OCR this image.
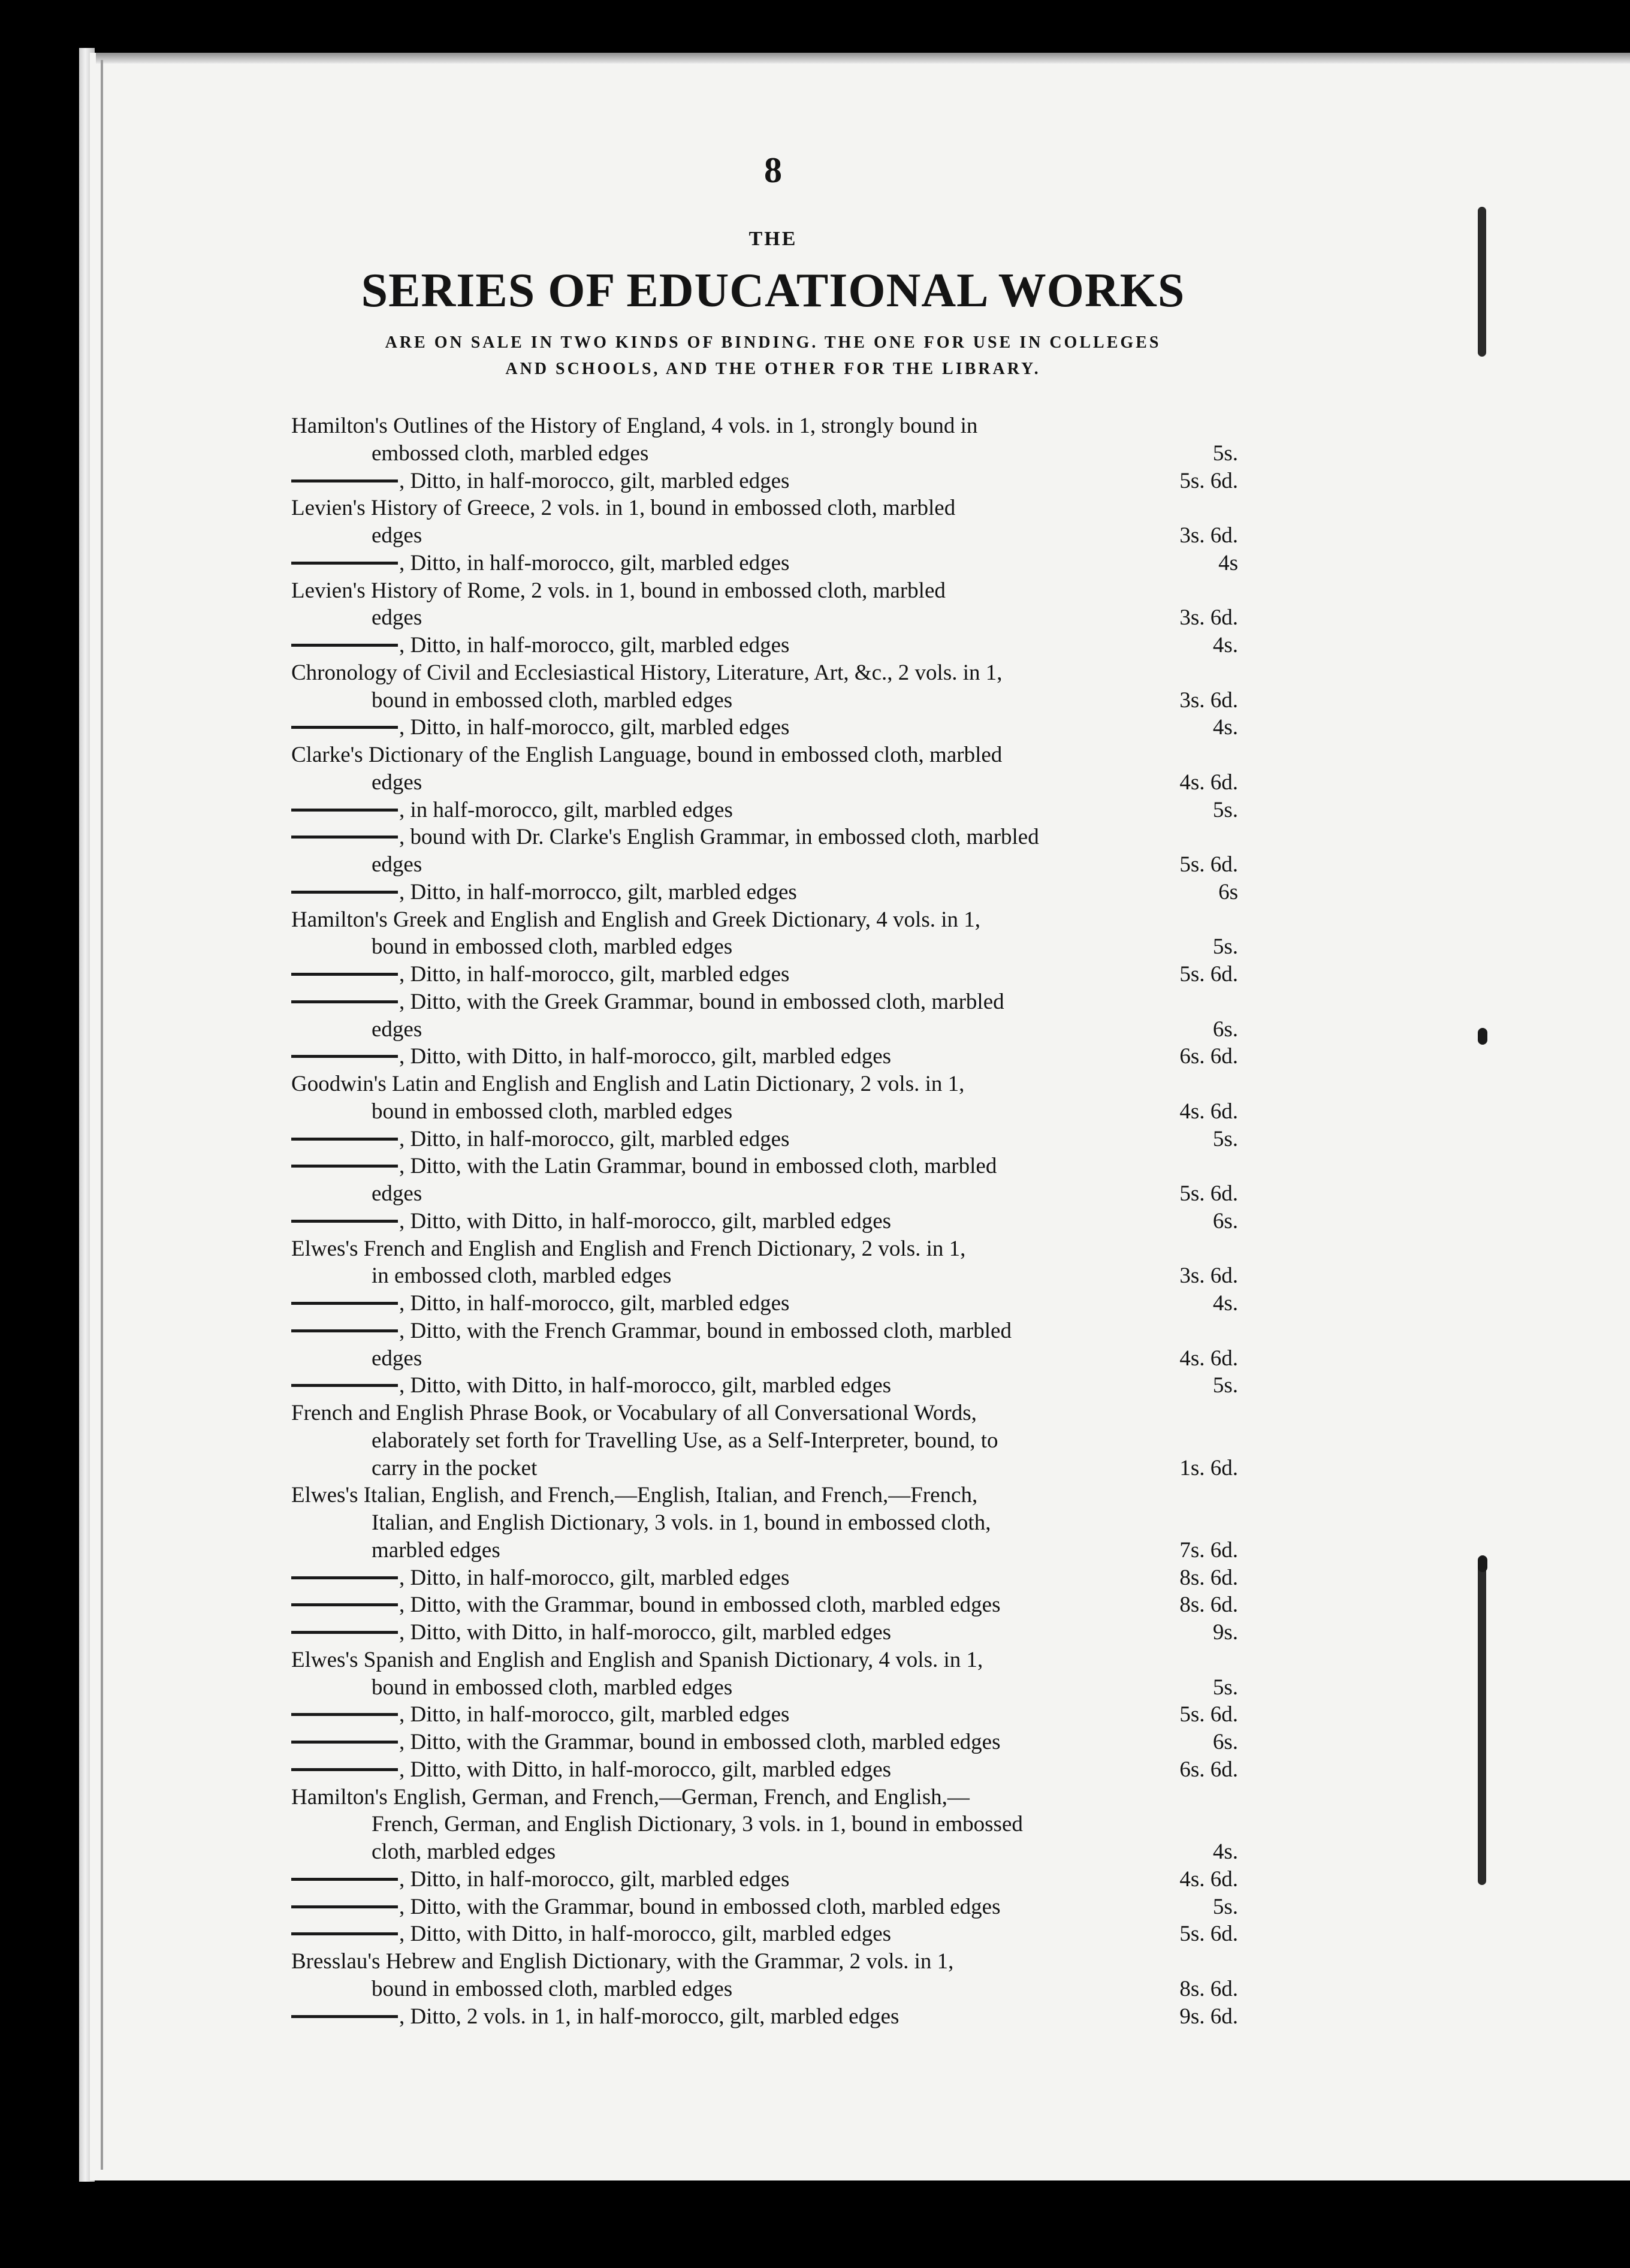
8
THE
SERIES OF EDUCATIONAL WORKS
ARE ON SALE IN TWO KINDS OF BINDING. THE ONE FOR USE IN COLLEGES
AND SCHOOLS, AND THE OTHER FOR THE LIBRARY.
Hamilton's Outlines of the History of England, 4 vols. in 1, strongly bound in
embossed cloth, marbled edges	5s.
, Ditto, in half-morocco, gilt, marbled edges	5s. 6d.
Levien's History of Greece, 2 vols. in 1, bound in embossed cloth, marbled
edges	3s. 6d.
, Ditto, in half-morocco, gilt, marbled edges	4s
Levien's History of Rome, 2 vols. in 1, bound in embossed cloth, marbled
edges	3s. 6d.
, Ditto, in half-morocco, gilt, marbled edges	4s.
Chronology of Civil and Ecclesiastical History, Literature, Art, &c., 2 vols. in 1,
bound in embossed cloth, marbled edges	3s. 6d.
, Ditto, in half-morocco, gilt, marbled edges	4s.
Clarke's Dictionary of the English Language, bound in embossed cloth, marbled
edges	4s. 6d.
, in half-morocco, gilt, marbled edges	5s.
, bound with Dr. Clarke's English Grammar, in embossed cloth, marbled
edges	5s. 6d.
, Ditto, in half-morrocco, gilt, marbled edges	6s
Hamilton's Greek and English and English and Greek Dictionary, 4 vols. in 1,
bound in embossed cloth, marbled edges	5s.
, Ditto, in half-morocco, gilt, marbled edges	5s. 6d.
, Ditto, with the Greek Grammar, bound in embossed cloth, marbled
edges	6s.
, Ditto, with Ditto, in half-morocco, gilt, marbled edges	6s. 6d.
Goodwin's Latin and English and English and Latin Dictionary, 2 vols. in 1,
bound in embossed cloth, marbled edges	4s. 6d.
, Ditto, in half-morocco, gilt, marbled edges	5s.
, Ditto, with the Latin Grammar, bound in embossed cloth, marbled
edges	5s. 6d.
, Ditto, with Ditto, in half-morocco, gilt, marbled edges	6s.
Elwes's French and English and English and French Dictionary, 2 vols. in 1,
in embossed cloth, marbled edges	3s. 6d.
, Ditto, in half-morocco, gilt, marbled edges	4s.
, Ditto, with the French Grammar, bound in embossed cloth, marbled
edges	4s. 6d.
, Ditto, with Ditto, in half-morocco, gilt, marbled edges	5s.
French and English Phrase Book, or Vocabulary of all Conversational Words,
elaborately set forth for Travelling Use, as a Self-Interpreter, bound, to
carry in the pocket	1s. 6d.
Elwes's Italian, English, and French,—English, Italian, and French,—French,
Italian, and English Dictionary, 3 vols. in 1, bound in embossed cloth,
marbled edges	7s. 6d.
, Ditto, in half-morocco, gilt, marbled edges	8s. 6d.
, Ditto, with the Grammar, bound in embossed cloth, marbled edges	8s. 6d.
, Ditto, with Ditto, in half-morocco, gilt, marbled edges	9s.
Elwes's Spanish and English and English and Spanish Dictionary, 4 vols. in 1,
bound in embossed cloth, marbled edges	5s.
, Ditto, in half-morocco, gilt, marbled edges	5s. 6d.
, Ditto, with the Grammar, bound in embossed cloth, marbled edges	6s.
, Ditto, with Ditto, in half-morocco, gilt, marbled edges	6s. 6d.
Hamilton's English, German, and French,—German, French, and English,—
French, German, and English Dictionary, 3 vols. in 1, bound in embossed
cloth, marbled edges	4s.
, Ditto, in half-morocco, gilt, marbled edges	4s. 6d.
, Ditto, with the Grammar, bound in embossed cloth, marbled edges	5s.
, Ditto, with Ditto, in half-morocco, gilt, marbled edges	5s. 6d.
Bresslau's Hebrew and English Dictionary, with the Grammar, 2 vols. in 1,
bound in embossed cloth, marbled edges	8s. 6d.
, Ditto, 2 vols. in 1, in half-morocco, gilt, marbled edges	9s. 6d.
